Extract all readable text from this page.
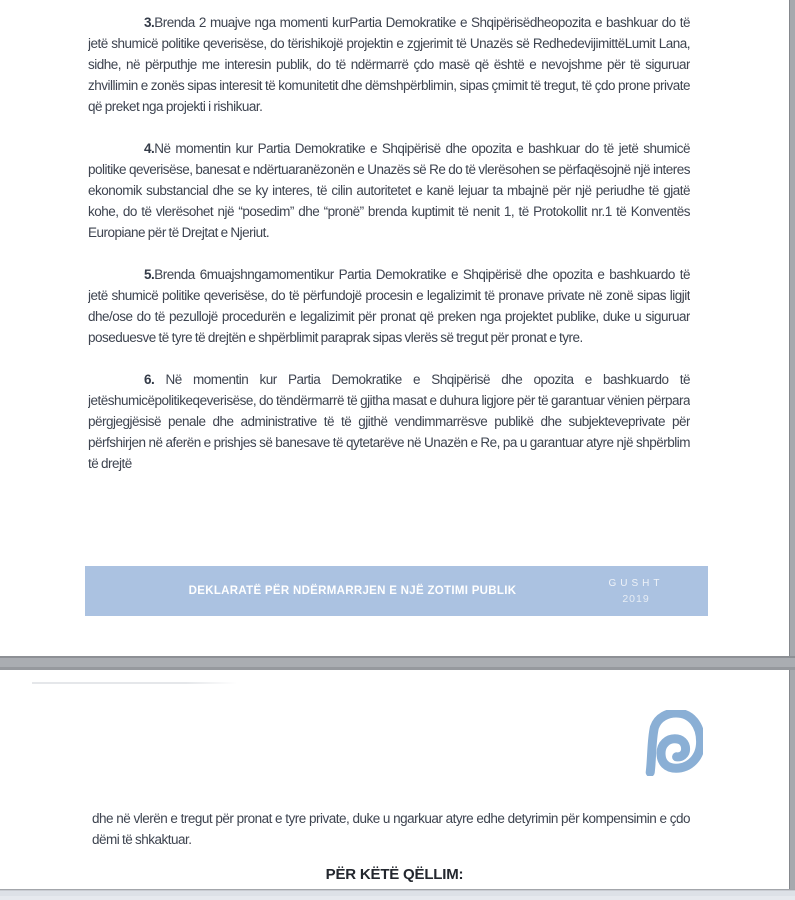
3.Brenda 2 muajve nga momenti kurPartia Demokratike e Shqipërisëdheopozita e bashkuar do të jetë shumicë politike qeverisëse, do tërishikojë projektin e zgjerimit të Unazës së RedhedevijimittëLumit Lana, sidhe, në përputhje me interesin publik, do të ndërmarrë çdo masë që është e nevojshme për të siguruar zhvillimin e zonës sipas interesit të komunitetit dhe dëmshpërblimin, sipas çmimit të tregut, të çdo prone private që preket nga projekti i rishikuar.

4.Në momentin kur Partia Demokratike e Shqipërisë dhe opozita e bashkuar do të jetë shumicë politike qeverisëse, banesat e ndërtuaranëzonën e Unazës së Re do të vlerësohen se përfaqësojnë një interes ekonomik substancial dhe se ky interes, të cilin autoritetet e kanë lejuar ta mbajnë për një periudhe të gjatë kohe, do të vlerësohet një “posedim” dhe “pronë” brenda kuptimit të nenit 1, të Protokollit nr.1 të Konventës Europiane për të Drejtat e Njeriut.

5.Brenda 6muajshngamomentikur Partia Demokratike e Shqipërisë dhe opozita e bashkuardo të jetë shumicë politike qeverisëse, do të përfundojë procesin e legalizimit të pronave private në zonë sipas ligjit dhe/ose do të pezullojë procedurën e legalizimit për pronat që preken nga projektet publike, duke u siguruar poseduesve të tyre të drejtën e shpërblimit paraprak sipas vlerës së tregut për pronat e tyre.

6. Në momentin kur Partia Demokratike e Shqipërisë dhe opozita e bashkuardo të jetëshumicëpolitikeqeverisëse, do tëndërmarrë të gjitha masat e duhura ligjore për të garantuar vënien përpara përgjegjësisë penale dhe administrative të të gjithë vendimmarrësve publikë dhe subjekteveprivate për përfshirjen në aferën e prishjes së banesave të qytetarëve në Unazën e Re, pa u garantuar atyre një shpërblim të drejtë

DEKLARATË PËR NDËRMARRJEN E NJË ZOTIMI PUBLIK
GUSHT
2019

dhe në vlerën e tregut për pronat e tyre private, duke u ngarkuar atyre edhe detyrimin për kompensimin e çdo dëmi të shkaktuar.

PËR KËTË QËLLIM:
